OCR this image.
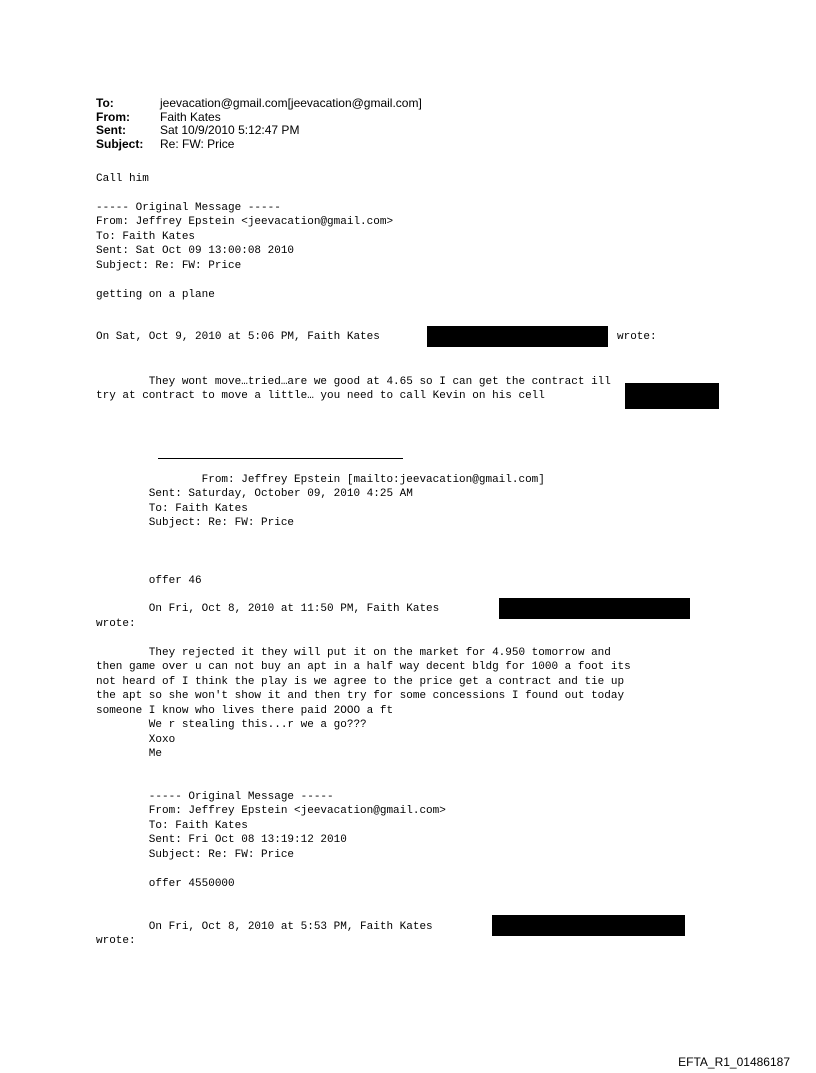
To:	jeevacation@gmail.com[jeevacation@gmail.com]
From:	Faith Kates
Sent:	Sat 10/9/2010 5:12:47 PM
Subject:	Re: FW: Price
Call him
----- Original Message -----
From: Jeffrey Epstein <jeevacation@gmail.com>
To: Faith Kates
Sent: Sat Oct 09 13:00:08 2010
Subject: Re: FW: Price
getting on a plane
On Sat, Oct 9, 2010 at 5:06 PM, Faith Kates	wrote:
They wont move…tried…are we good at 4.65 so I can get the contract ill
try at contract to move a little… you need to call Kevin on his cell
From: Jeffrey Epstein [mailto:jeevacation@gmail.com]
Sent: Saturday, October 09, 2010 4:25 AM
To: Faith Kates
Subject: Re: FW: Price
offer 46
On Fri, Oct 8, 2010 at 11:50 PM, Faith Kates
wrote:
They rejected it they will put it on the market for 4.950 tomorrow and
then game over u can not buy an apt in a half way decent bldg for 1000 a foot its
not heard of I think the play is we agree to the price get a contract and tie up
the apt so she won't show it and then try for some concessions I found out today
someone I know who lives there paid 2OOO a ft
We r stealing this...r we a go???
Xoxo
Me
----- Original Message -----
From: Jeffrey Epstein <jeevacation@gmail.com>
To: Faith Kates
Sent: Fri Oct 08 13:19:12 2010
Subject: Re: FW: Price
offer 4550000
On Fri, Oct 8, 2010 at 5:53 PM, Faith Kates
wrote:
EFTA_R1_01486187
